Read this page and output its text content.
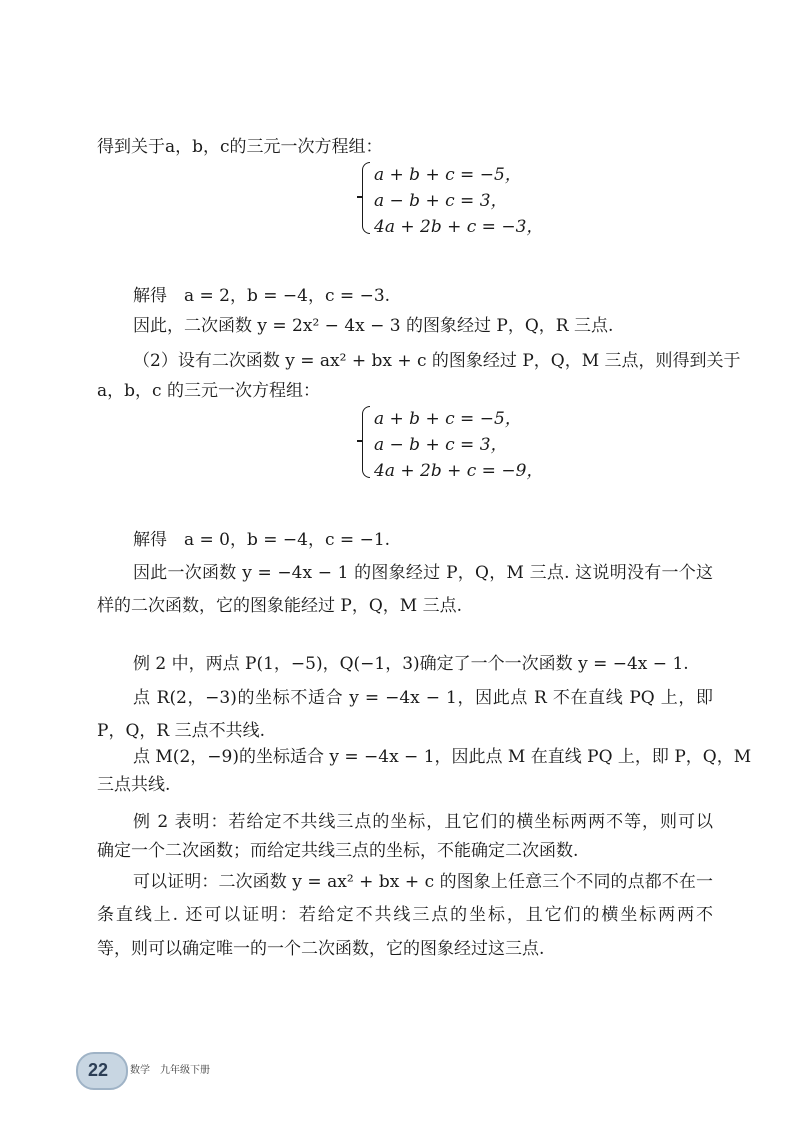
得到关于a，b，c的三元一次方程组：
a + b + c = −5，
a − b + c = 3，
4a + 2b + c = −3，
解得　a = 2，b = −4，c = −3.
因此，二次函数 y = 2x² − 4x − 3 的图象经过 P，Q，R 三点.
（2）设有二次函数 y = ax² + bx + c 的图象经过 P，Q，M 三点，则得到关于
a，b，c 的三元一次方程组：
a + b + c = −5，
a − b + c = 3，
4a + 2b + c = −9，
解得　a = 0，b = −4，c = −1.
因此一次函数 y = −4x − 1 的图象经过 P，Q，M 三点. 这说明没有一个这
样的二次函数，它的图象能经过 P，Q，M 三点.
例 2 中，两点 P(1，−5)，Q(−1，3)确定了一个一次函数 y = −4x − 1.
点 R(2，−3)的坐标不适合 y = −4x − 1，因此点 R 不在直线 PQ 上，即
P，Q，R 三点不共线.
点 M(2，−9)的坐标适合 y = −4x − 1，因此点 M 在直线 PQ 上，即 P，Q，M
三点共线.
例 2 表明：若给定不共线三点的坐标，且它们的横坐标两两不等，则可以
确定一个二次函数；而给定共线三点的坐标，不能确定二次函数.
可以证明：二次函数 y = ax² + bx + c 的图象上任意三个不同的点都不在一
条直线上. 还可以证明：若给定不共线三点的坐标，且它们的横坐标两两不
等，则可以确定唯一的一个二次函数，它的图象经过这三点.
22 数学　九年级下册
